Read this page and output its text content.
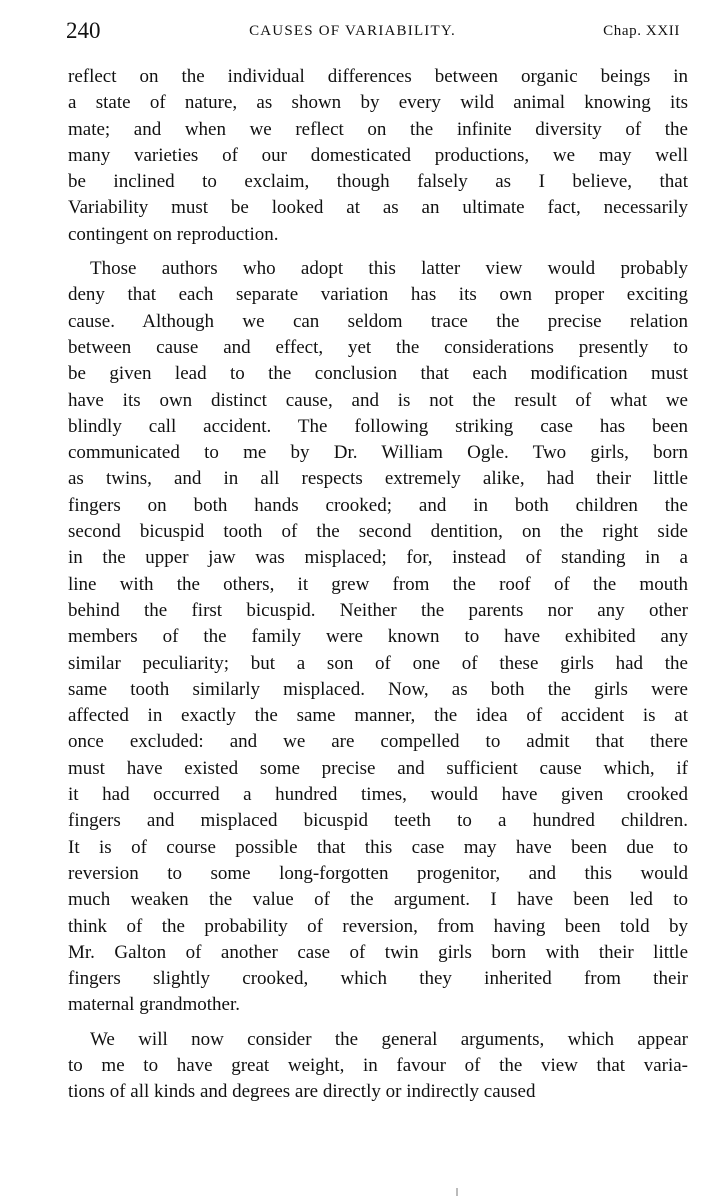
240	CAUSES OF VARIABILITY.	Chap. XXII
reflect on the individual differences between organic beings in
a state of nature, as shown by every wild animal knowing its
mate; and when we reflect on the infinite diversity of the
many varieties of our domesticated productions, we may well
be inclined to exclaim, though falsely as I believe, that
Variability must be looked at as an ultimate fact, necessarily
contingent on reproduction.
Those authors who adopt this latter view would probably
deny that each separate variation has its own proper exciting
cause. Although we can seldom trace the precise relation
between cause and effect, yet the considerations presently to
be given lead to the conclusion that each modification must
have its own distinct cause, and is not the result of what we
blindly call accident. The following striking case has been
communicated to me by Dr. William Ogle. Two girls, born
as twins, and in all respects extremely alike, had their little
fingers on both hands crooked; and in both children the
second bicuspid tooth of the second dentition, on the right side
in the upper jaw was misplaced; for, instead of standing in a
line with the others, it grew from the roof of the mouth
behind the first bicuspid. Neither the parents nor any other
members of the family were known to have exhibited any
similar peculiarity; but a son of one of these girls had the
same tooth similarly misplaced. Now, as both the girls were
affected in exactly the same manner, the idea of accident is at
once excluded: and we are compelled to admit that there
must have existed some precise and sufficient cause which, if
it had occurred a hundred times, would have given crooked
fingers and misplaced bicuspid teeth to a hundred children.
It is of course possible that this case may have been due to
reversion to some long-forgotten progenitor, and this would
much weaken the value of the argument. I have been led to
think of the probability of reversion, from having been told by
Mr. Galton of another case of twin girls born with their little
fingers slightly crooked, which they inherited from their
maternal grandmother.
We will now consider the general arguments, which appear
to me to have great weight, in favour of the view that varia-
tions of all kinds and degrees are directly or indirectly caused
